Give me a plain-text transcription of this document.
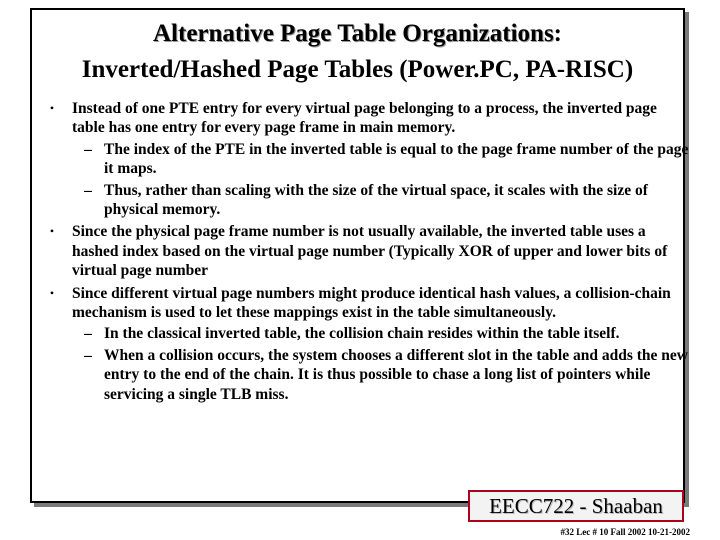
Alternative Page Table Organizations:
Inverted/Hashed Page Tables (Power.PC, PA-RISC)
•	Instead of one PTE entry for every virtual page belonging to a process, the inverted page table has one entry for every page frame in main memory.
– The index of the PTE in the inverted table is equal to the page frame number of the page it maps.
– Thus, rather than scaling with the size of the virtual space, it scales with the size of physical memory.
•	Since the physical page frame number is not usually available, the inverted table uses a hashed index based on the virtual page number (Typically XOR of upper and lower bits of virtual page number
•	Since different virtual page numbers might produce identical hash values, a collision-chain mechanism is used to let these mappings exist in the table simultaneously.
– In the classical inverted table, the collision chain resides within the table itself.
– When a collision occurs, the system chooses a different slot in the table and adds the new entry to the end of the chain. It is thus possible to chase a long list of pointers while servicing a single TLB miss.
EECC722 - Shaaban
#32 Lec # 10 Fall 2002 10-21-2002
